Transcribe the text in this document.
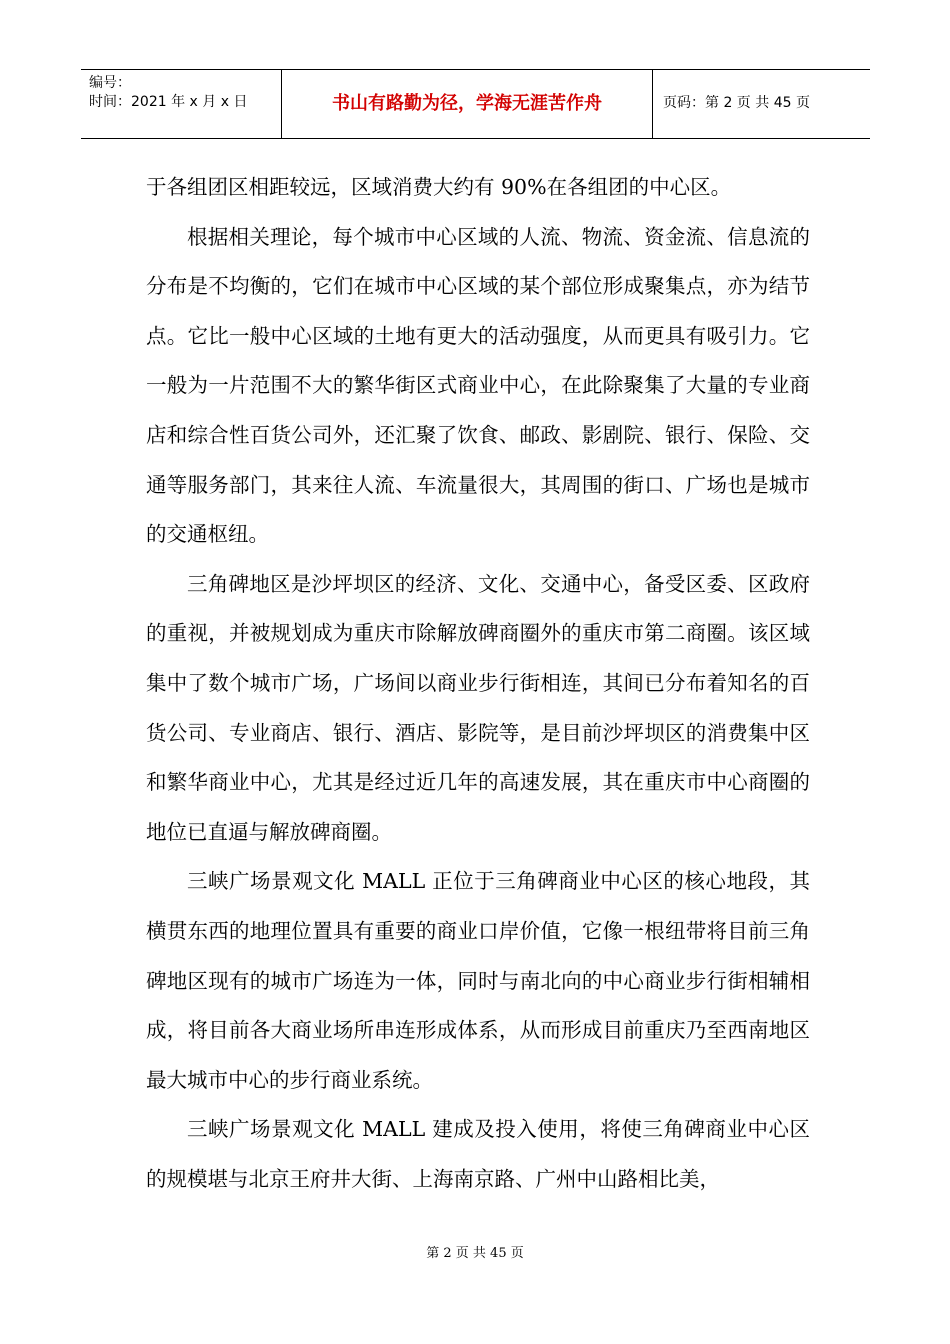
编号：
时间：2021 年 x 月 x 日	书山有路勤为径，学海无涯苦作舟	页码：第 2 页 共 45 页

于各组团区相距较远，区域消费大约有 90%在各组团的中心区。

根据相关理论，每个城市中心区域的人流、物流、资金流、信息流的分布是不均衡的，它们在城市中心区域的某个部位形成聚集点，亦为结节点。它比一般中心区域的土地有更大的活动强度，从而更具有吸引力。它一般为一片范围不大的繁华街区式商业中心，在此除聚集了大量的专业商店和综合性百货公司外，还汇聚了饮食、邮政、影剧院、银行、保险、交通等服务部门，其来往人流、车流量很大，其周围的街口、广场也是城市的交通枢纽。

三角碑地区是沙坪坝区的经济、文化、交通中心，备受区委、区政府的重视，并被规划成为重庆市除解放碑商圈外的重庆市第二商圈。该区域集中了数个城市广场，广场间以商业步行街相连，其间已分布着知名的百货公司、专业商店、银行、酒店、影院等，是目前沙坪坝区的消费集中区和繁华商业中心，尤其是经过近几年的高速发展，其在重庆市中心商圈的地位已直逼与解放碑商圈。

三峡广场景观文化 MALL 正位于三角碑商业中心区的核心地段，其横贯东西的地理位置具有重要的商业口岸价值，它像一根纽带将目前三角碑地区现有的城市广场连为一体，同时与南北向的中心商业步行街相辅相成，将目前各大商业场所串连形成体系，从而形成目前重庆乃至西南地区最大城市中心的步行商业系统。

三峡广场景观文化 MALL 建成及投入使用，将使三角碑商业中心区的规模堪与北京王府井大街、上海南京路、广州中山路相比美，

第 2 页 共 45 页
